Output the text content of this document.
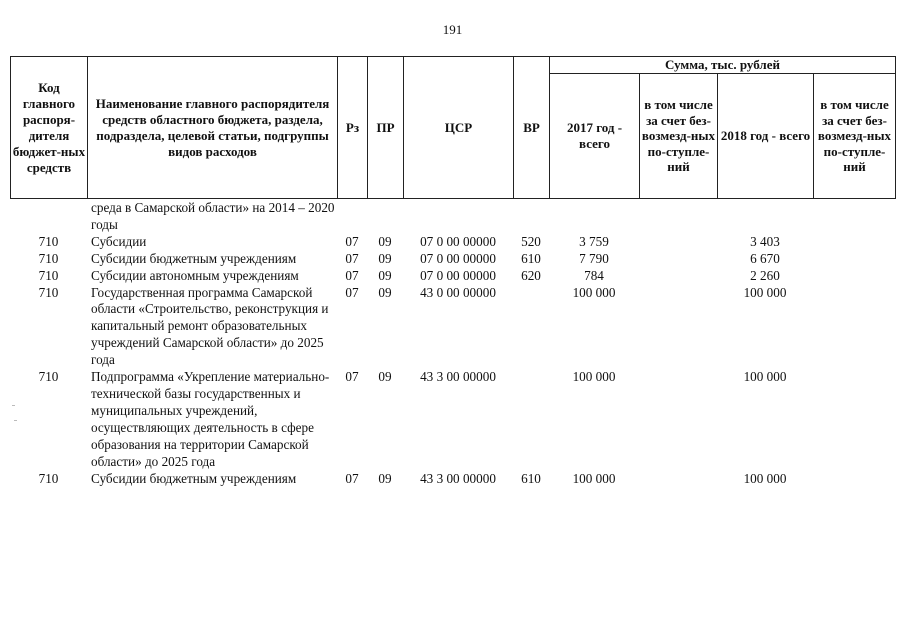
191
Код главного распоря-дителя бюджет-ных средств	Наименование главного распорядителя средств областного бюджета, раздела, подраздела, целевой статьи, подгруппы видов расходов	Рз	ПР	ЦСР	ВР	Сумма, тыс. рублей			
						2017 год - всего	в том числе за счет без-возмезд-ных по-ступле-ний	2018 год - всего	в том числе за счет без-возмезд-ных по-ступле-ний
	среда в Самарской области» на 2014 – 2020 годы								
710	Субсидии	07	09	07 0 00 00000	520	3 759		3 403	
710	Субсидии бюджетным учреждениям	07	09	07 0 00 00000	610	7 790		6 670	
710	Субсидии автономным учреждениям	07	09	07 0 00 00000	620	784		2 260	
710	Государственная программа Самарской области «Строительство, реконструкция и капитальный ремонт образовательных учреждений Самарской области» до 2025 года	07	09	43 0 00 00000		100 000		100 000	
710	Подпрограмма «Укрепление материально-технической базы государственных и муниципальных учреждений, осуществляющих деятельность в сфере образования на территории Самарской области» до 2025 года	07	09	43 3 00 00000		100 000		100 000	
710	Субсидии бюджетным учреждениям	07	09	43 3 00 00000	610	100 000		100 000	
